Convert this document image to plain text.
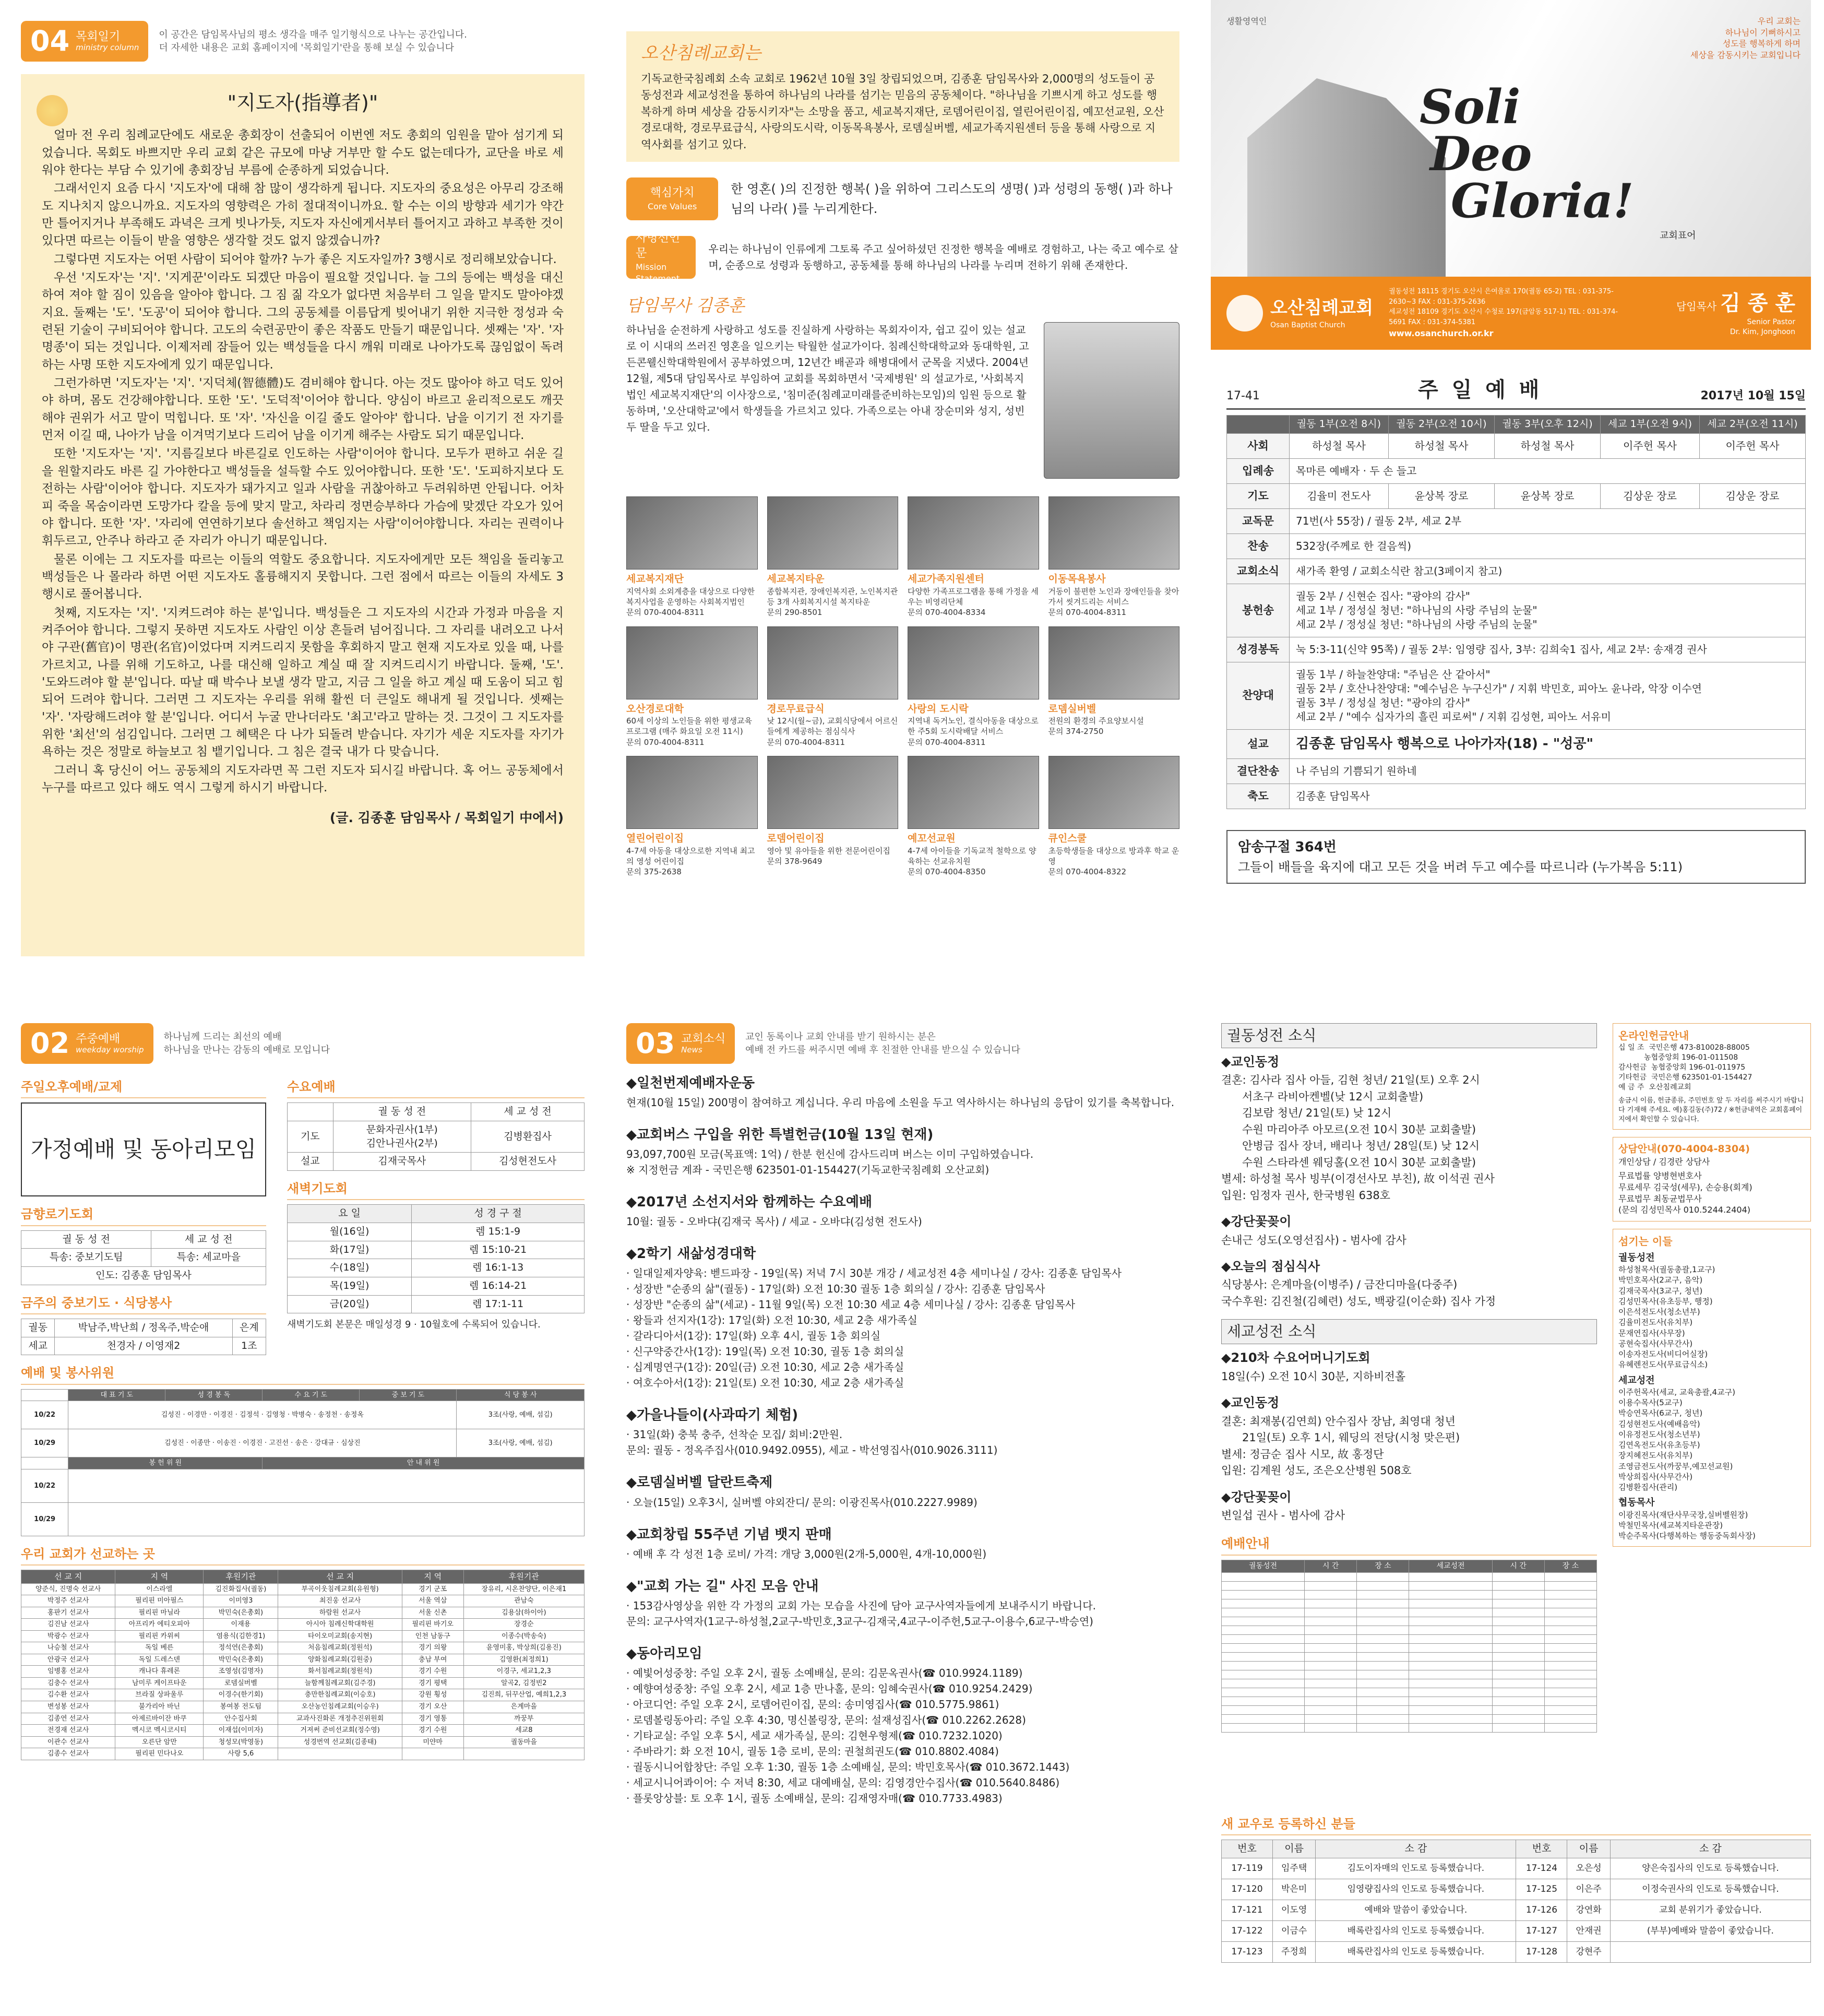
04 목회일기
ministry column
이 공간은 담임목사님의 평소 생각을 매주 일기형식으로 나누는 공간입니다.
더 자세한 내용은 교회 홈페이지에 '목회일기'란을 통해 보실 수 있습니다
"지도자(指導者)"

얼마 전 우리 침례교단에도 새로운 총회장이 선출되어 이번엔 저도 총회의 임원을 맡아 섬기게 되었습니다. 목회도 바쁘지만 우리 교회 같은 규모에 마냥 거부만 할 수도 없는데다가, 교단을 바로 세워야 한다는 부담 수 있기에 총회장님 부름에 순종하게 되었습니다.

그래서인지 요즘 다시 '지도자'에 대해 참 많이 생각하게 됩니다. 지도자의 중요성은 아무리 강조해도 지나치지 않으니까요. 지도자의 영향력은 가히 절대적이니까요. 할 수는 이의 방향과 세기가 약간만 틀어지거나 부족해도 과녁은 크게 빗나가듯, 지도자 자신에게서부터 틀어지고 과하고 부족한 것이 있다면 따르는 이들이 받을 영향은 생각할 것도 없지 않겠습니까?

그렇다면 지도자는 어떤 사람이 되어야 할까? 누가 좋은 지도자일까? 3행시로 정리해보았습니다.

우선 '지도자'는 '지'. '지게꾼'이라도 되겠단 마음이 필요할 것입니다. 늘 그의 등에는 백성을 대신하여 져야 할 짐이 있음을 알아야 합니다. 그 짐 짊 각오가 없다면 처음부터 그 일을 맡지도 말아야겠지요. 둘째는 '도'. '도공'이 되어야 합니다. 그의 공동체를 이름답게 빚어내기 위한 지극한 정성과 숙련된 기술이 구비되어야 합니다. 고도의 숙련공만이 좋은 작품도 만들기 때문입니다. 셋째는 '자'. '자명종'이 되는 것입니다. 이제저레 잠들어 있는 백성들을 다시 깨워 미래로 나아가도록 끊임없이 독려하는 사명 또한 지도자에게 있기 때문입니다.

그런가하면 '지도자'는 '지'. '지덕체(智德體)도 겸비해야 합니다. 아는 것도 많아야 하고 덕도 있어야 하며, 몸도 건강해야합니다. 또한 '도'. '도덕적'이어야 합니다. 양심이 바르고 윤리적으로도 깨끗해야 권위가 서고 말이 먹힙니다. 또 '자'. '자신을 이길 줄도 알아야' 합니다. 남을 이기기 전 자기를 먼저 이길 때, 나아가 남을 이겨먹기보다 드리어 남을 이기게 해주는 사람도 되기 때문입니다.

또한 '지도자'는 '지'. '지름길보다 바른길로 인도하는 사람'이어야 합니다. 모두가 편하고 쉬운 길을 원할지라도 바른 길 가야한다고 백성들을 설득할 수도 있어야합니다. 또한 '도'. '도피하지보다 도전하는 사람'이어야 합니다. 지도자가 돼가지고 일과 사람을 귀찮아하고 두려워하면 안됩니다. 어차피 죽을 목숨이라면 도망가다 칼을 등에 맞지 말고, 차라리 정면승부하다 가슴에 맞겠단 각오가 있어야 합니다. 또한 '자'. '자리에 연연하기보다 솔선하고 책임지는 사람'이어야합니다. 자리는 권력이나 휘두르고, 안주나 하라고 준 자리가 아니기 때문입니다.

물론 이에는 그 지도자를 따르는 이들의 역할도 중요합니다. 지도자에게만 모든 책임을 돌리놓고 백성들은 나 몰라라 하면 어떤 지도자도 홀륭해지지 못합니다. 그런 점에서 따르는 이들의 자세도 3행시로 풀어봅니다.

첫째, 지도자는 '지'. '지켜드려야 하는 분'입니다. 백성들은 그 지도자의 시간과 가정과 마음을 지켜주어야 합니다. 그렇지 못하면 지도자도 사람인 이상 흔들려 넘어집니다. 그 자리를 내려오고 나서야 구관(舊官)이 명관(名官)이었다며 지켜드리지 못함을 후회하지 말고 현재 지도자로 있을 때, 나를 가르치고, 나를 위해 기도하고, 나를 대신해 일하고 계실 때 잘 지켜드리시기 바랍니다. 둘째, '도'. '도와드려야 할 분'입니다. 따날 때 박수나 보낼 생각 말고, 지금 그 일을 하고 계실 때 도움이 되고 힘 되어 드려야 합니다. 그러면 그 지도자는 우리를 위해 활씬 더 큰일도 해내게 될 것입니다. 셋째는 '자'. '자랑해드려야 할 분'입니다. 어디서 누굴 만나더라도 '최고'라고 말하는 것. 그것이 그 지도자를 위한 '최선'의 섬김입니다. 그러면 그 혜택은 다 나가 되돌려 받습니다. 자기가 세운 지도자를 자기가 욕하는 것은 정말로 하늘보고 침 뱉기입니다. 그 침은 결국 내가 다 맞습니다.

그러니 혹 당신이 어느 공동체의 지도자라면 꼭 그런 지도자 되시길 바랍니다. 혹 어느 공동체에서 누구를 따르고 있다 해도 역시 그렇게 하시기 바랍니다.

(글. 김종훈 담임목사 / 목회일기 中에서)
오산침례교회는
기독교한국침례회 소속 교회로 1962년 10월 3일 창립되었으며, 김종훈 담임목사와 2,000명의 성도들이 공동성전과 세교성전을 통하여 하나님의 나라를 섬기는 믿음의 공동체이다. "하나님을 기쁘시게 하고 성도를 행복하게 하며 세상을 감동시키자"는 소망을 품고, 세교복지재단, 로뎀어린이집, 열린어린이집, 예꼬선교원, 오산경로대학, 경로무료급식, 사랑의도시락, 이동목욕봉사, 로뎀실버벨, 세교가족지원센터 등을 통해 사랑으로 지역사회를 섬기고 있다.
핵심가치
Core Values
한 영혼( )의 진정한 행복( )을 위하여 그리스도의 생명( )과 성령의 동행( )과 하나님의 나라( )를 누리게한다.
사명선언문
Mission Statement
우리는 하나님이 인류에게 그토록 주고 싶어하셨던 진정한 행복을 예배로 경험하고, 나는 죽고 예수로 살며, 순종으로 성령과 동행하고, 공동체를 통해 하나님의 나라를 누리며 전하기 위해 존재한다.
담임목사 김종훈
하나님을 순전하게 사랑하고 성도를 진실하게 사랑하는 목회자이자, 쉽고 깊이 있는 설교로 이 시대의 쓰러진 영혼을 일으키는 탁월한 설교가이다. 침례신학대학교와 동대학원, 고든콘웰신학대학원에서 공부하였으며, 12년간 배곧과 해병대에서 군목을 지냈다. 2004년 12월, 제5대 담임목사로 부임하여 교회를 목회하면서 '국제병원' 의 설교가로, '사회복지법인 세교복지재단'의 이사장으로, '침미준(침례교미래를준비하는모임)의 임원 등으로 활동하며, '오산대학교'에서 학생들을 가르치고 있다. 가족으로는 아내 장순미와 성지, 성빈 두 딸을 두고 있다.
세교복지재단
지역사회 소외계층을 대상으로 다양한 복지사업을 운영하는 사회복지법인
문의 070-4004-8311
세교복지타운
종합복지관, 장애인복지관, 노인복지관 등 3개 사회복지시설 복지타운
문의 290-8501
세교가족지원센터
다양한 가족프로그램을 통해 가정을 세우는 비영리단체
문의 070-4004-8334
이동목욕봉사
거동이 불편한 노인과 장애인들을 찾아가서 씻겨드리는 서비스
문의 070-4004-8311
오산경로대학
60세 이상의 노인들을 위한 평생교육 프로그램 (매주 화요일 오전 11시)
문의 070-4004-8311
경로무료급식
낮 12시(월~금), 교회식당에서 어르신들에게 제공하는 점심식사
문의 070-4004-8311
사랑의 도시락
지역내 독거노인, 결식아동을 대상으로 한 주5회 도시락배달 서비스
문의 070-4004-8311
로뎀실버벨
전원의 환경의 주요양보시설
문의 374-2750
열린어린이집
4-7세 아동을 대상으로한 지역내 최고의 영성 어린이집
문의 375-2638
로뎀어린이집
영아 및 유아들을 위한 전문어린이집
문의 378-9649
예꼬선교원
4-7세 아이들을 기독교적 철학으로 양육하는 선교유치원
문의 070-4004-8350
큐인스쿨
초등학생들을 대상으로 방과후 학교 운영
문의 070-4004-8322
생활영역인	우리 교회는
하나님이 기뻐하시고
성도를 행복하게 하며
세상을 감동시키는 교회입니다
Soli
Deo
Gloria!
교회표어
오산침례교회
Osan Baptist Church
궐동성전 18115 경기도 오산시 은여울로 170(궐동 65-2) TEL : 031-375-2630~3 FAX : 031-375-2636
세교성전 18109 경기도 오산시 수청로 197(금암동 517-1) TEL : 031-374-5691 FAX : 031-374-5381
www.osanchurch.or.kr
담임목사 김 종 훈
Senior Pastor
Dr. Kim, Jonghoon
17-41	주 일 예 배	2017년 10월 15일
	궐동 1부(오전 8시)	궐동 2부(오전 10시)	궐동 3부(오후 12시)	세교 1부(오전 9시)	세교 2부(오전 11시)
사회	하성철 목사	하성철 목사	하성철 목사	이주헌 목사	이주헌 목사
입례송	목마른 예배자 · 두 손 들고				
기도	김율미 전도사	윤상복 장로	윤상복 장로	김상운 장로	김상운 장로
교독문	71번(사 55장) / 궐동 2부, 세교 2부				
찬송	532장(주께로 한 걸음씩)				
교회소식	새가족 환영 / 교회소식란 참고(3페이지 참고)				
봉헌송	궐동 2부 / 신현순 집사: "광야의 감사"
세교 1부 / 정성실 청년: "하나님의 사랑 주님의 눈물"
세교 2부 / 정성실 청년: "하나님의 사랑 주님의 눈물"				
성경봉독	눅 5:3-11(신약 95쪽) / 궐동 2부: 임영량 집사, 3부: 김희숙1 집사, 세교 2부: 송재경 권사				
찬양대	궐동 1부 / 하늘찬양대: "주님은 산 같아서"
궐동 2부 / 호산나찬양대: "예수님은 누구신가" / 지휘 박민호, 피아노 윤나라, 악장 이수연
궐동 3부 / 정성실 청년: "광야의 감사"
세교 2부 / "예수 십자가의 흘린 피로써" / 지휘 김성현, 피아노 서유미				
설교	김종훈 담임목사 행복으로 나아가자(18) - "성공"				
결단찬송	나 주님의 기쁨되기 원하네				
축도	김종훈 담임목사				
암송구절 364번
그들이 배들을 육지에 대고 모든 것을 버려 두고 예수를 따르니라 (누가복음 5:11)
02 주중예배
weekday worship
하나님께 드리는 최선의 예배
하나님을 만나는 감동의 예배로 모입니다
주일오후예배/교제
가정예배 및 동아리모임
금향로기도회
궐 동 성 전	세 교 성 전
특송: 중보기도팀	특송: 세교마을
인도: 김종훈 담임목사	
금주의 중보기도 · 식당봉사
궐동	박남주,박난희 / 정옥주,박순애	은계
세교	천경자 / 이영재2	1조
수요예배
	궐 동 성 전	세 교 성 전
기도	문화자권사(1부)
김안나권사(2부)	김병환집사
설교	김재국목사	김성현전도사
새벽기도회
요 일	성 경 구 절
월(16일)	렘 15:1-9
화(17일)	렘 15:10-21
수(18일)	렘 16:1-13
목(19일)	렘 16:14-21
금(20일)	렘 17:1-11
새벽기도회 본문은 매일성경 9 · 10월호에 수록되어 있습니다.
예배 및 봉사위원
	대 표 기 도	성 경 봉 독	수 요 기 도	중 보 기 도	식 당 봉 사
10/22	김성진 · 이경만 · 이경진 · 김정석 · 김영청 · 박병숙 · 송정천 · 송정옥				3조(사랑, 예배, 섬김)
10/29	김성진 · 이종만 · 이송진 · 이경진 · 고진선 · 송은 · 강대규 · 심상진				3조(사랑, 예배, 섬김)
	봉 헌 위 원		안 내 위 원		
10/22					
10/29					
우리 교회가 선교하는 곳
선 교 지	지 역	후원기관	선 교 지	지 역	후원기관
양준식, 진명숙 선교사	이스라엘	김진화집사(궐동)	부곡이웃침례교회(유원형)	경기 군포	장유리, 시온찬양단, 이은재1
박정주 선교사	필리핀 미아필스	이미영3	최진웅 선교사	서울 역삼	관남숙
홍판기 선교사	필리핀 마닐라	박민숙(은총회)	하람원 선교사	서울 신촌	김용삼(하이아)
김진남 선교사	아프리카 에티오피아	이재용	아시아 침례신학대학원	필리핀 바기오	장경순
박광수 선교사	필리핀 카위씨	염용식(김한경1)	타이오미교회(송지현)	인천 남동구	이종수(박송숙)
나승철 선교사	독일 베른	정석연(은총회)	처음침례교회(정원석)	경기 의왕	윤영미홍, 박상희(김용진)
안광국 선교사	독일 드레스덴	박민숙(은총회)	양화침례교회(김원중)	충남 부여	김영환(최정희1)
임병홍 선교사	캐나다 휴레론	조영성(김명자)	화서침례교회(정원석)	경기 수원	이경구, 세교1,2,3
김충수 선교사	남미루 케이프타운	로뎀실버벨	늘함께침례교회(김주경)	경기 평택	알곡2, 김정빈2
김수환 선교사	브라질 상파울루	이경수(한기회)	충만한침례교회(이승호)	강원 횡성	김진희, 뒤꾸산업, 예희1,2,3
변성봉 선교사	불가리아 바닌	봉여봉 전도팀	오산농인침례교회(이승우)	경기 오산	은계마을
김종연 선교사	아제르바이잔 바쿠	안수집사회	교과사진화론 개정추진위원회	경기 영통	까꿍부
전경재 선교사	멕시코 멕시코시티	이재섭(이미자)	거져써 준비선교회(정수영)	경기 수원	세교8
이관수 선교사	오른단 암만	청성모(박영동)	성경번역 선교회(김종태)	미얀마	궐동마을
김종수 선교사	필리핀 민다나오	사랑 5,6			
03 교회소식
News
교인 동록이나 교회 안내를 받기 원하시는 분은
예배 전 카드를 써주시면 예배 후 친절한 안내를 받으실 수 있습니다
◆일천번제예배자운동

현재(10월 15일) 200명이 참여하고 계십니다. 우리 마음에 소원을 두고 역사하시는 하나님의 응답이 있기를 축복합니다.

◆교회버스 구입을 위한 특별헌금(10월 13일 현재)

93,097,700원 모금(목표액: 1억) / 한분 헌신에 감사드리며 버스는 이미 구입하였습니다.
※ 지정헌금 계좌 - 국민은행 623501-01-154427(기독교한국침례회 오산교회)

◆2017년 소선지서와 함께하는 수요예배

10월: 궐동 - 오바댜(김재국 목사) / 세교 - 오바댜(김성현 전도사)

◆2학기 새삶성경대학

· 일대일제자양육: 벧드파장 - 19일(목) 저녁 7시 30분 개강 / 세교성전 4층 세미나실 / 강사: 김종훈 담임목사
· 성장반 "순종의 삶"(궐동) - 17일(화) 오전 10:30 궐동 1층 회의실 / 강사: 김종훈 담임목사
· 성장반 "순종의 삶"(세교) - 11월 9일(목) 오전 10:30 세교 4층 세미나실 / 강사: 김종훈 담임목사
· 왕들과 선지자(1강): 17일(화) 오전 10:30, 세교 2층 새가족실
· 갈라디아서(1강): 17일(화) 오후 4시, 궐동 1층 회의실
· 신구약중간사(1강): 19일(목) 오전 10:30, 궐동 1층 회의실
· 십계명연구(1강): 20일(금) 오전 10:30, 세교 2층 새가족실
· 여호수아서(1강): 21일(토) 오전 10:30, 세교 2층 새가족실

◆가을나들이(사과따기 체험)

· 31일(화) 충북 충주, 선착순 모집/ 회비:2만원.
문의: 궐동 - 정옥주집사(010.9492.0955), 세교 - 박선영집사(010.9026.3111)

◆로뎀실버벨 달란트축제

· 오늘(15일) 오후3시, 실버벨 야외잔디/ 문의: 이광진목사(010.2227.9989)

◆교회창립 55주년 기념 뱃지 판매

· 예배 후 각 성전 1층 로비/ 가격: 개당 3,000원(2개-5,000원, 4개-10,000원)

◆"교회 가는 길" 사진 모음 안내

· 153감사영상을 위한 각 가정의 교회 가는 모습을 사진에 담아 교구사역자들에게 보내주시기 바랍니다.
문의: 교구사역자(1교구-하성철,2교구-박민호,3교구-김재국,4교구-이주헌,5교구-이용수,6교구-박승연)

◆동아리모임

· 예빛어성중창: 주일 오후 2시, 궐동 소예배실, 문의: 김문옥권사(☎ 010.9924.1189)
· 예향여성중창: 주일 오후 2시, 세교 1층 만나홀, 문의: 임혜숙권사(☎ 010.9254.2429)
· 아코디언: 주일 오후 2시, 로뎀어린이집, 문의: 송미영집사(☎ 010.5775.9861)
· 로뎀볼링동아리: 주일 오후 4:30, 명신볼링장, 문의: 설재성집사(☎ 010.2262.2628)
· 기타교실: 주일 오후 5시, 세교 새가족실, 문의: 김현우형제(☎ 010.7232.1020)
· 주바라기: 화 오전 10시, 궐동 1층 로비, 문의: 권철희권도(☎ 010.8802.4084)
· 궐동시니어합창단: 주일 오후 1:30, 궐동 1층 소예배실, 문의: 박민호목사(☎ 010.3672.1443)
· 세교시니어콰이어: 수 저녁 8:30, 세교 대예배실, 문의: 김영경안수집사(☎ 010.5640.8486)
· 플롯앙상블: 토 오후 1시, 궐동 소예배실, 문의: 김재영자매(☎ 010.7733.4983)

궐동성전 소식
◆교인동정

결혼: 김사라 집사 아들, 김현 청년/ 21일(토) 오후 2시
서초구 라비아켄벨(낮 12시 교회출발)
김보람 청년/ 21일(토) 낮 12시
수원 마리아주 아모르(오전 10시 30분 교회출발)
안병금 집사 장녀, 배리나 청년/ 28일(토) 낮 12시
수원 스타라센 웨딩홀(오전 10시 30분 교회출발)
별세: 하성철 목사 빙부(이경선사모 부친), 故 이석권 권사
입원: 임정자 권사, 한국병원 638호

◆강단꽃꽂이

손내근 성도(오영선집사) - 범사에 감사

◆오늘의 점심식사

식당봉사: 은계마을(이병주) / 금잔디마을(다중주)
국수후원: 김진철(김혜련) 성도, 백광길(이순화) 집사 가정

세교성전 소식
◆210차 수요어머니기도회

18일(수) 오전 10시 30분, 지하비전홀

◆교인동정

결혼: 최재봉(김연희) 안수집사 장남, 최영대 청년
21일(토) 오후 1시, 웨딩의 전당(시청 맞은편)
별세: 정금순 집사 시모, 故 홍정단
입원: 김계원 성도, 조은오산병원 508호

◆강단꽃꽂이

변일섭 권사 - 범사에 감사

예배안내
궐동성전	시 간	장 소	세교성전	시 간	장 소

온라인헌금안내
십 일 조  국민은행 473-810028-88005
농협중앙회 196-01-011508
감사헌금  농협중앙회 196-01-011975
기타헌금  국민은행 623501-01-154427
예 금 주  오산침례교회
송금시 이름, 헌금종류, 주민번호 앞 두 자리를 써주시기 바랍니다 기재해 주세요. 예)홍길동(주)72 / ※헌금내역은 교회홈페이지에서 확인할 수 있습니다.
상담안내(070-4004-8304)
개인상담 / 김경란 상담사
무료법률 양병현변호사
무료세무 김국성(세무), 손승용(회계)
무료법무 최동균법무사
(문의 김성민목사 010.5244.2404)
섬기는 이들
궐동성전
하성철목사(궐동총괄,1교구)
박민호목사(2교구, 음악)
김재국목사(3교구, 청년)
김성민목사(유초등부, 행정)
이은석전도사(청소년부)
김율미전도사(유치부)
문재연집사(사무장)
공현숙집사(사무간사)
이송자전도사(비디어실장)
유혜렌전도사(무료급식소)
세교성전
이주헌목사(세교, 교육총괄,4교구)
이용수목사(5교구)
박승연목사(6교구, 청년)
김성현전도사(예배음악)
이유정전도사(청소년부)
김연옥전도사(유초등부)
장지혜전도사(유치부)
조영금전도사(까꿍부,예꼬선교원)
박상희집사(사무간사)
김병환집사(관리)
협동목사
이광진목사(재단사무국장,실버벨원장)
박철민목사(세교복지타운관장)
박순주목사(다행복하는 행동중독회사장)
새 교우로 등록하신 분들
번호	이름	소 감	번호	이름	소 감
17-119	임주택	김도이자매의 인도로 등록했습니다.	17-124	오은성	양은숙집사의 인도로 등록했습니다.
17-120	박은미	임영량집사의 인도로 등록했습니다.	17-125	이은주	이정숙권사의 인도로 등록했습니다.
17-121	이도영	예배와 말씀이 좋았습니다.	17-126	강연화	교회 분위기가 좋았습니다.
17-122	이금수	배록란집사의 인도로 등록했습니다.	17-127	안재권	(부부)예배와 말씀이 좋았습니다.
17-123	주정희	배록란집사의 인도로 등록했습니다.	17-128	강현주	
